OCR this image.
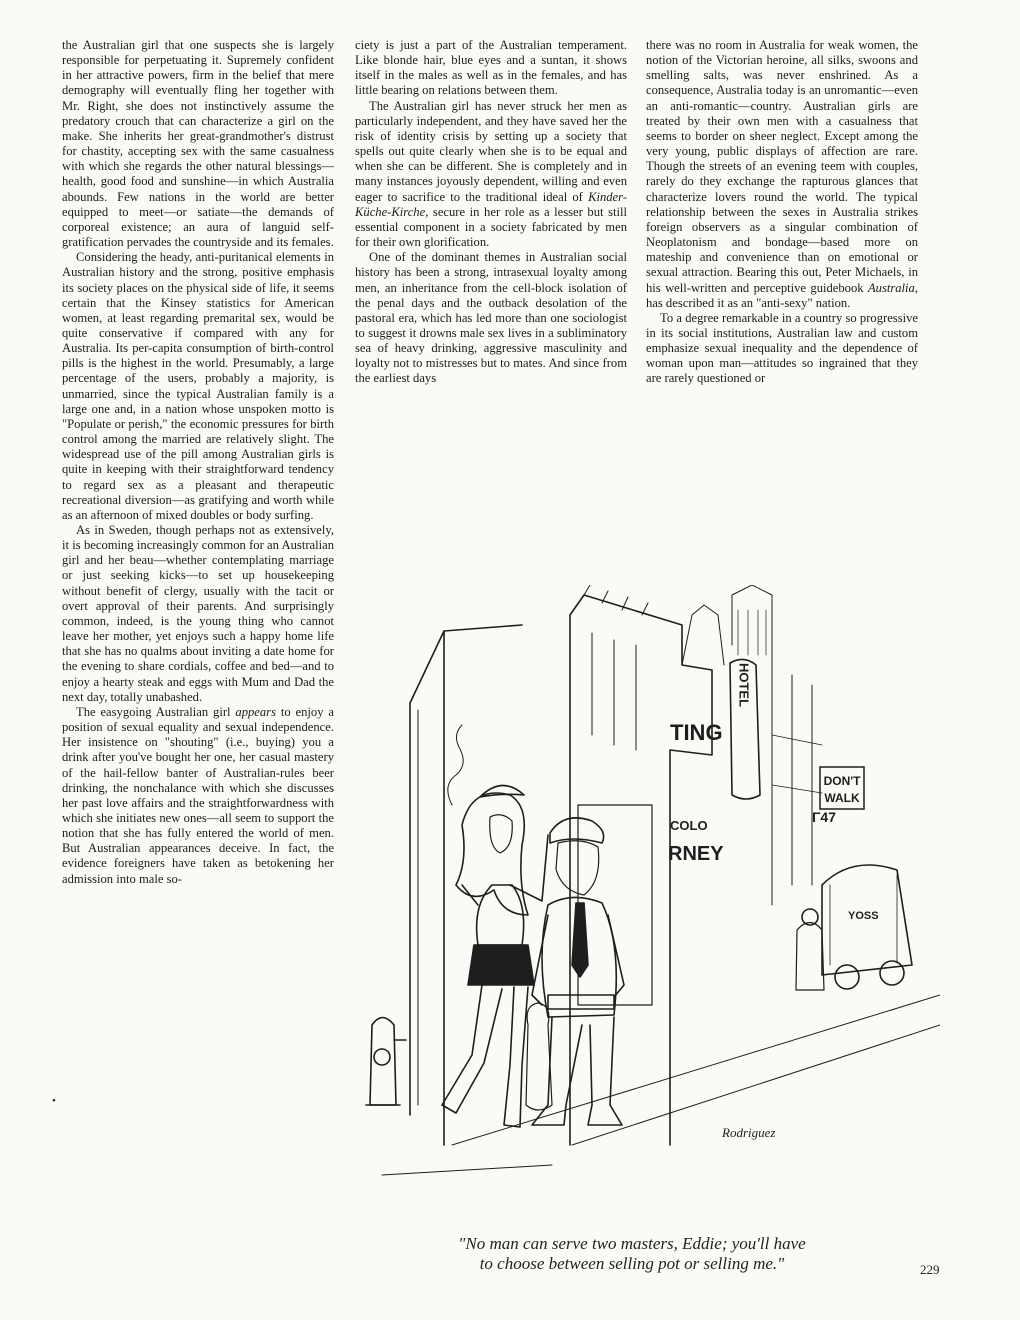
the Australian girl that one suspects she is largely responsible for perpetuating it. Supremely confident in her attractive powers, firm in the belief that mere demography will eventually fling her together with Mr. Right, she does not instinctively assume the predatory crouch that can characterize a girl on the make. She inherits her great-grandmother's distrust for chastity, accepting sex with the same casualness with which she regards the other natural blessings—health, good food and sunshine—in which Australia abounds. Few nations in the world are better equipped to meet—or satiate—the demands of corporeal existence; an aura of languid self-gratification pervades the countryside and its females.

Considering the heady, anti-puritanical elements in Australian history and the strong, positive emphasis its society places on the physical side of life, it seems certain that the Kinsey statistics for American women, at least regarding premarital sex, would be quite conservative if compared with any for Australia. Its per-capita consumption of birth-control pills is the highest in the world. Presumably, a large percentage of the users, probably a majority, is unmarried, since the typical Australian family is a large one and, in a nation whose unspoken motto is "Populate or perish," the economic pressures for birth control among the married are relatively slight. The widespread use of the pill among Australian girls is quite in keeping with their straightforward tendency to regard sex as a pleasant and therapeutic recreational diversion—as gratifying and worth while as an afternoon of mixed doubles or body surfing.

As in Sweden, though perhaps not as extensively, it is becoming increasingly common for an Australian girl and her beau—whether contemplating marriage or just seeking kicks—to set up housekeeping without benefit of clergy, usually with the tacit or overt approval of their parents. And surprisingly common, indeed, is the young thing who cannot leave her mother, yet enjoys such a happy home life that she has no qualms about inviting a date home for the evening to share cordials, coffee and bed—and to enjoy a hearty steak and eggs with Mum and Dad the next day, totally unabashed.

The easygoing Australian girl appears to enjoy a position of sexual equality and sexual independence. Her insistence on "shouting" (i.e., buying) you a drink after you've bought her one, her casual mastery of the hail-fellow banter of Australian-rules beer drinking, the nonchalance with which she discusses her past love affairs and the straightforwardness with which she initiates new ones—all seem to support the notion that she has fully entered the world of men. But Australian appearances deceive. In fact, the evidence foreigners have taken as betokening her admission into male so-

ciety is just a part of the Australian temperament. Like blonde hair, blue eyes and a suntan, it shows itself in the males as well as in the females, and has little bearing on relations between them.

The Australian girl has never struck her men as particularly independent, and they have saved her the risk of identity crisis by setting up a society that spells out quite clearly when she is to be equal and when she can be different. She is completely and in many instances joyously dependent, willing and even eager to sacrifice to the traditional ideal of Kinder-Küche-Kirche, secure in her role as a lesser but still essential component in a society fabricated by men for their own glorification.

One of the dominant themes in Australian social history has been a strong, intrasexual loyalty among men, an inheritance from the cell-block isolation of the penal days and the outback desolation of the pastoral era, which has led more than one sociologist to suggest it drowns male sex lives in a subliminatory sea of heavy drinking, aggressive masculinity and loyalty not to mistresses but to mates. And since from the earliest days

there was no room in Australia for weak women, the notion of the Victorian heroine, all silks, swoons and smelling salts, was never enshrined. As a consequence, Australia today is an unromantic—even an anti-romantic—country. Australian girls are treated by their own men with a casualness that seems to border on sheer neglect. Except among the very young, public displays of affection are rare. Though the streets of an evening teem with couples, rarely do they exchange the rapturous glances that characterize lovers round the world. The typical relationship between the sexes in Australia strikes foreign observers as a singular combination of Neoplatonism and bondage—based more on mateship and convenience than on emotional or sexual attraction. Bearing this out, Peter Michaels, in his well-written and perceptive guidebook Australia, has described it as an "anti-sexy" nation.

To a degree remarkable in a country so progressive in its social institutions, Australian law and custom emphasize sexual inequality and the dependence of woman upon man—attitudes so ingrained that they are rarely questioned or

•
DON'T
WALK
HOTEL
RNEY
TING
COLO
Γ47
YOSS
Rodriguez
"No man can serve two masters, Eddie; you'll have
to choose between selling pot or selling me."	229
